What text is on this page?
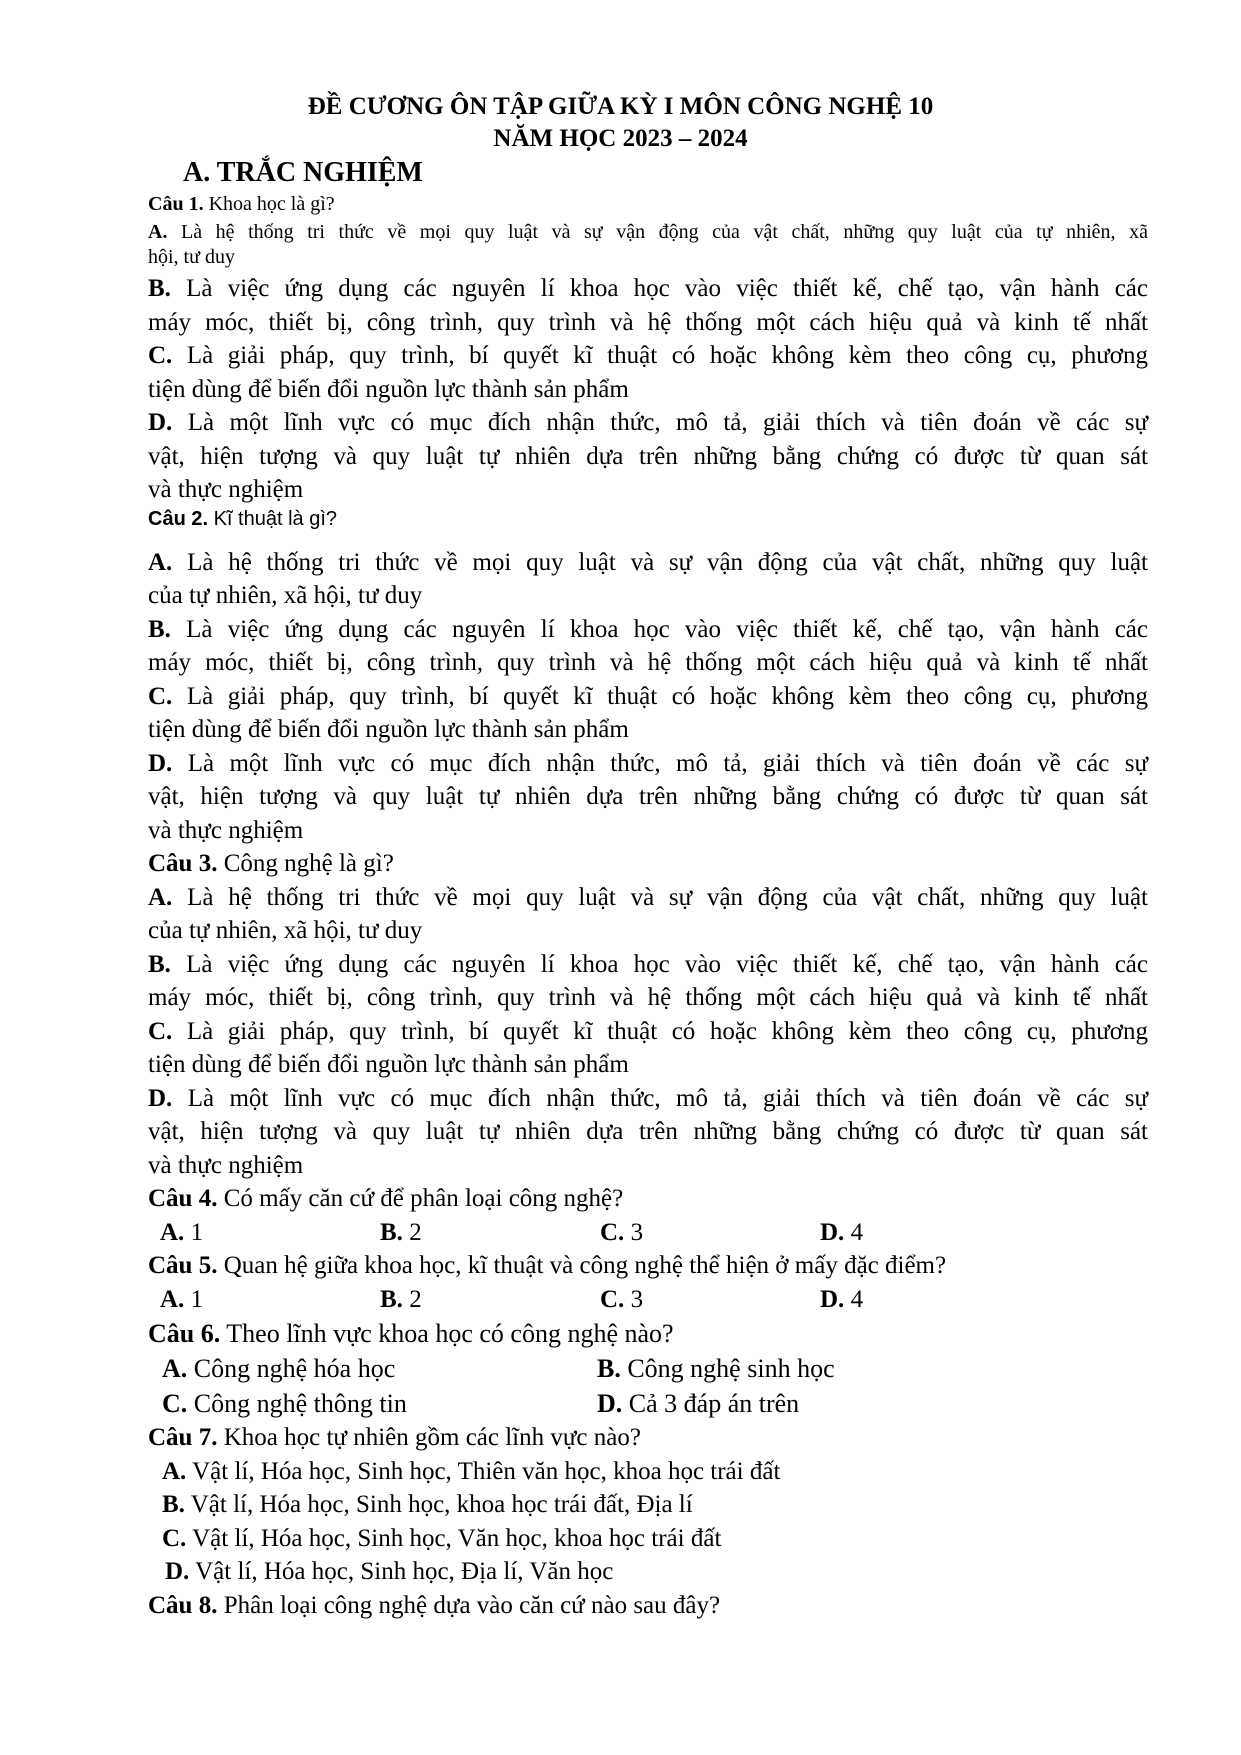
ĐỀ CƯƠNG ÔN TẬP GIỮA KỲ I MÔN CÔNG NGHỆ 10
NĂM HỌC 2023 – 2024
A. TRẮC NGHIỆM
Câu 1. Khoa học là gì?
A. Là hệ thống tri thức về mọi quy luật và sự vận động của vật chất, những quy luật của tự nhiên, xã
hội, tư duy
B. Là việc ứng dụng các nguyên lí khoa học vào việc thiết kế, chế tạo, vận hành các
máy móc, thiết bị, công trình, quy trình và hệ thống một cách hiệu quả và kinh tế nhất
C. Là giải pháp, quy trình, bí quyết kĩ thuật có hoặc không kèm theo công cụ, phương
tiện dùng để biến đổi nguồn lực thành sản phẩm
D. Là một lĩnh vực có mục đích nhận thức, mô tả, giải thích và tiên đoán về các sự
vật, hiện tượng và quy luật tự nhiên dựa trên những bằng chứng có được từ quan sát
và thực nghiệm
Câu 2. Kĩ thuật là gì?
A. Là hệ thống tri thức về mọi quy luật và sự vận động của vật chất, những quy luật
của tự nhiên, xã hội, tư duy
B. Là việc ứng dụng các nguyên lí khoa học vào việc thiết kế, chế tạo, vận hành các
máy móc, thiết bị, công trình, quy trình và hệ thống một cách hiệu quả và kinh tế nhất
C. Là giải pháp, quy trình, bí quyết kĩ thuật có hoặc không kèm theo công cụ, phương
tiện dùng để biến đổi nguồn lực thành sản phẩm
D. Là một lĩnh vực có mục đích nhận thức, mô tả, giải thích và tiên đoán về các sự
vật, hiện tượng và quy luật tự nhiên dựa trên những bằng chứng có được từ quan sát
và thực nghiệm
Câu 3. Công nghệ là gì?
A. Là hệ thống tri thức về mọi quy luật và sự vận động của vật chất, những quy luật
của tự nhiên, xã hội, tư duy
B. Là việc ứng dụng các nguyên lí khoa học vào việc thiết kế, chế tạo, vận hành các
máy móc, thiết bị, công trình, quy trình và hệ thống một cách hiệu quả và kinh tế nhất
C. Là giải pháp, quy trình, bí quyết kĩ thuật có hoặc không kèm theo công cụ, phương
tiện dùng để biến đổi nguồn lực thành sản phẩm
D. Là một lĩnh vực có mục đích nhận thức, mô tả, giải thích và tiên đoán về các sự
vật, hiện tượng và quy luật tự nhiên dựa trên những bằng chứng có được từ quan sát
và thực nghiệm
Câu 4. Có mấy căn cứ để phân loại công nghệ?
A. 1	B. 2	C. 3	D. 4
Câu 5. Quan hệ giữa khoa học, kĩ thuật và công nghệ thể hiện ở mấy đặc điểm?
A. 1	B. 2	C. 3	D. 4
Câu 6. Theo lĩnh vực khoa học có công nghệ nào?
A. Công nghệ hóa học	B. Công nghệ sinh học
C. Công nghệ thông tin	D. Cả 3 đáp án trên
Câu 7. Khoa học tự nhiên gồm các lĩnh vực nào?
A. Vật lí, Hóa học, Sinh học, Thiên văn học, khoa học trái đất
B. Vật lí, Hóa học, Sinh học, khoa học trái đất, Địa lí
C. Vật lí, Hóa học, Sinh học, Văn học, khoa học trái đất
D. Vật lí, Hóa học, Sinh học, Địa lí, Văn học
Câu 8. Phân loại công nghệ dựa vào căn cứ nào sau đây?
